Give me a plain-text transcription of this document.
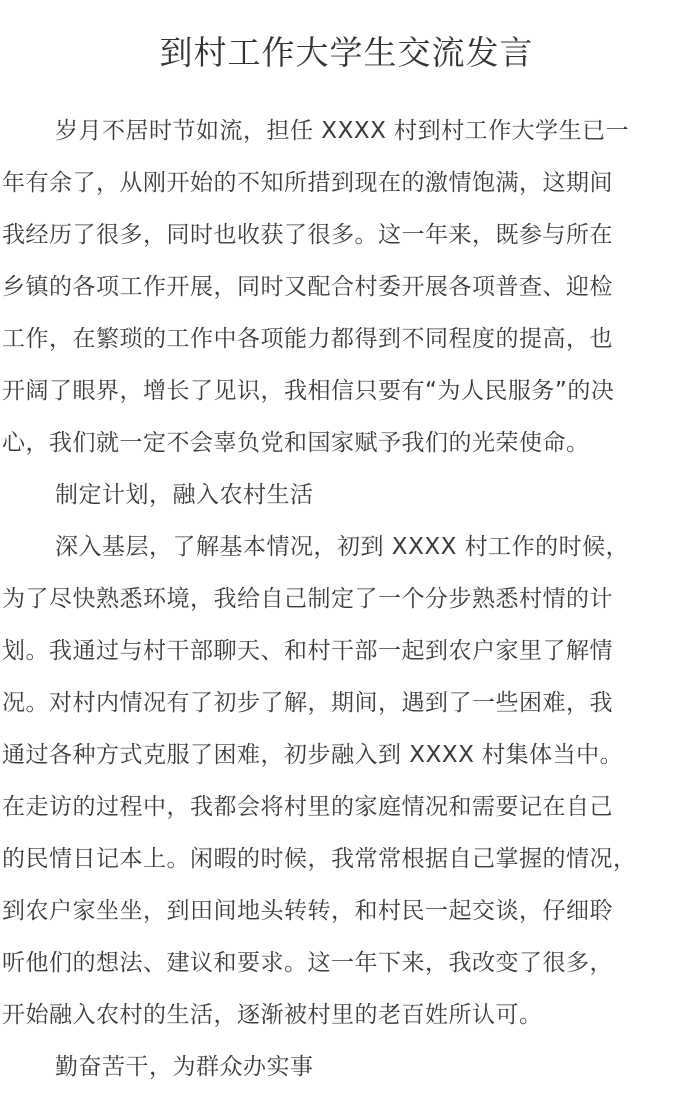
到村工作大学生交流发言
岁月不居时节如流，担任 XXXX 村到村工作大学生已一
年有余了，从刚开始的不知所措到现在的激情饱满，这期间
我经历了很多，同时也收获了很多。这一年来，既参与所在
乡镇的各项工作开展，同时又配合村委开展各项普查、迎检
工作，在繁琐的工作中各项能力都得到不同程度的提高，也
开阔了眼界，增长了见识，我相信只要有“为人民服务”的决
心，我们就一定不会辜负党和国家赋予我们的光荣使命。
制定计划，融入农村生活
深入基层，了解基本情况，初到 XXXX 村工作的时候，
为了尽快熟悉环境，我给自己制定了一个分步熟悉村情的计
划。我通过与村干部聊天、和村干部一起到农户家里了解情
况。对村内情况有了初步了解，期间，遇到了一些困难，我
通过各种方式克服了困难，初步融入到 XXXX 村集体当中。
在走访的过程中，我都会将村里的家庭情况和需要记在自己
的民情日记本上。闲暇的时候，我常常根据自己掌握的情况，
到农户家坐坐，到田间地头转转，和村民一起交谈，仔细聆
听他们的想法、建议和要求。这一年下来，我改变了很多，
开始融入农村的生活，逐渐被村里的老百姓所认可。
勤奋苦干，为群众办实事
